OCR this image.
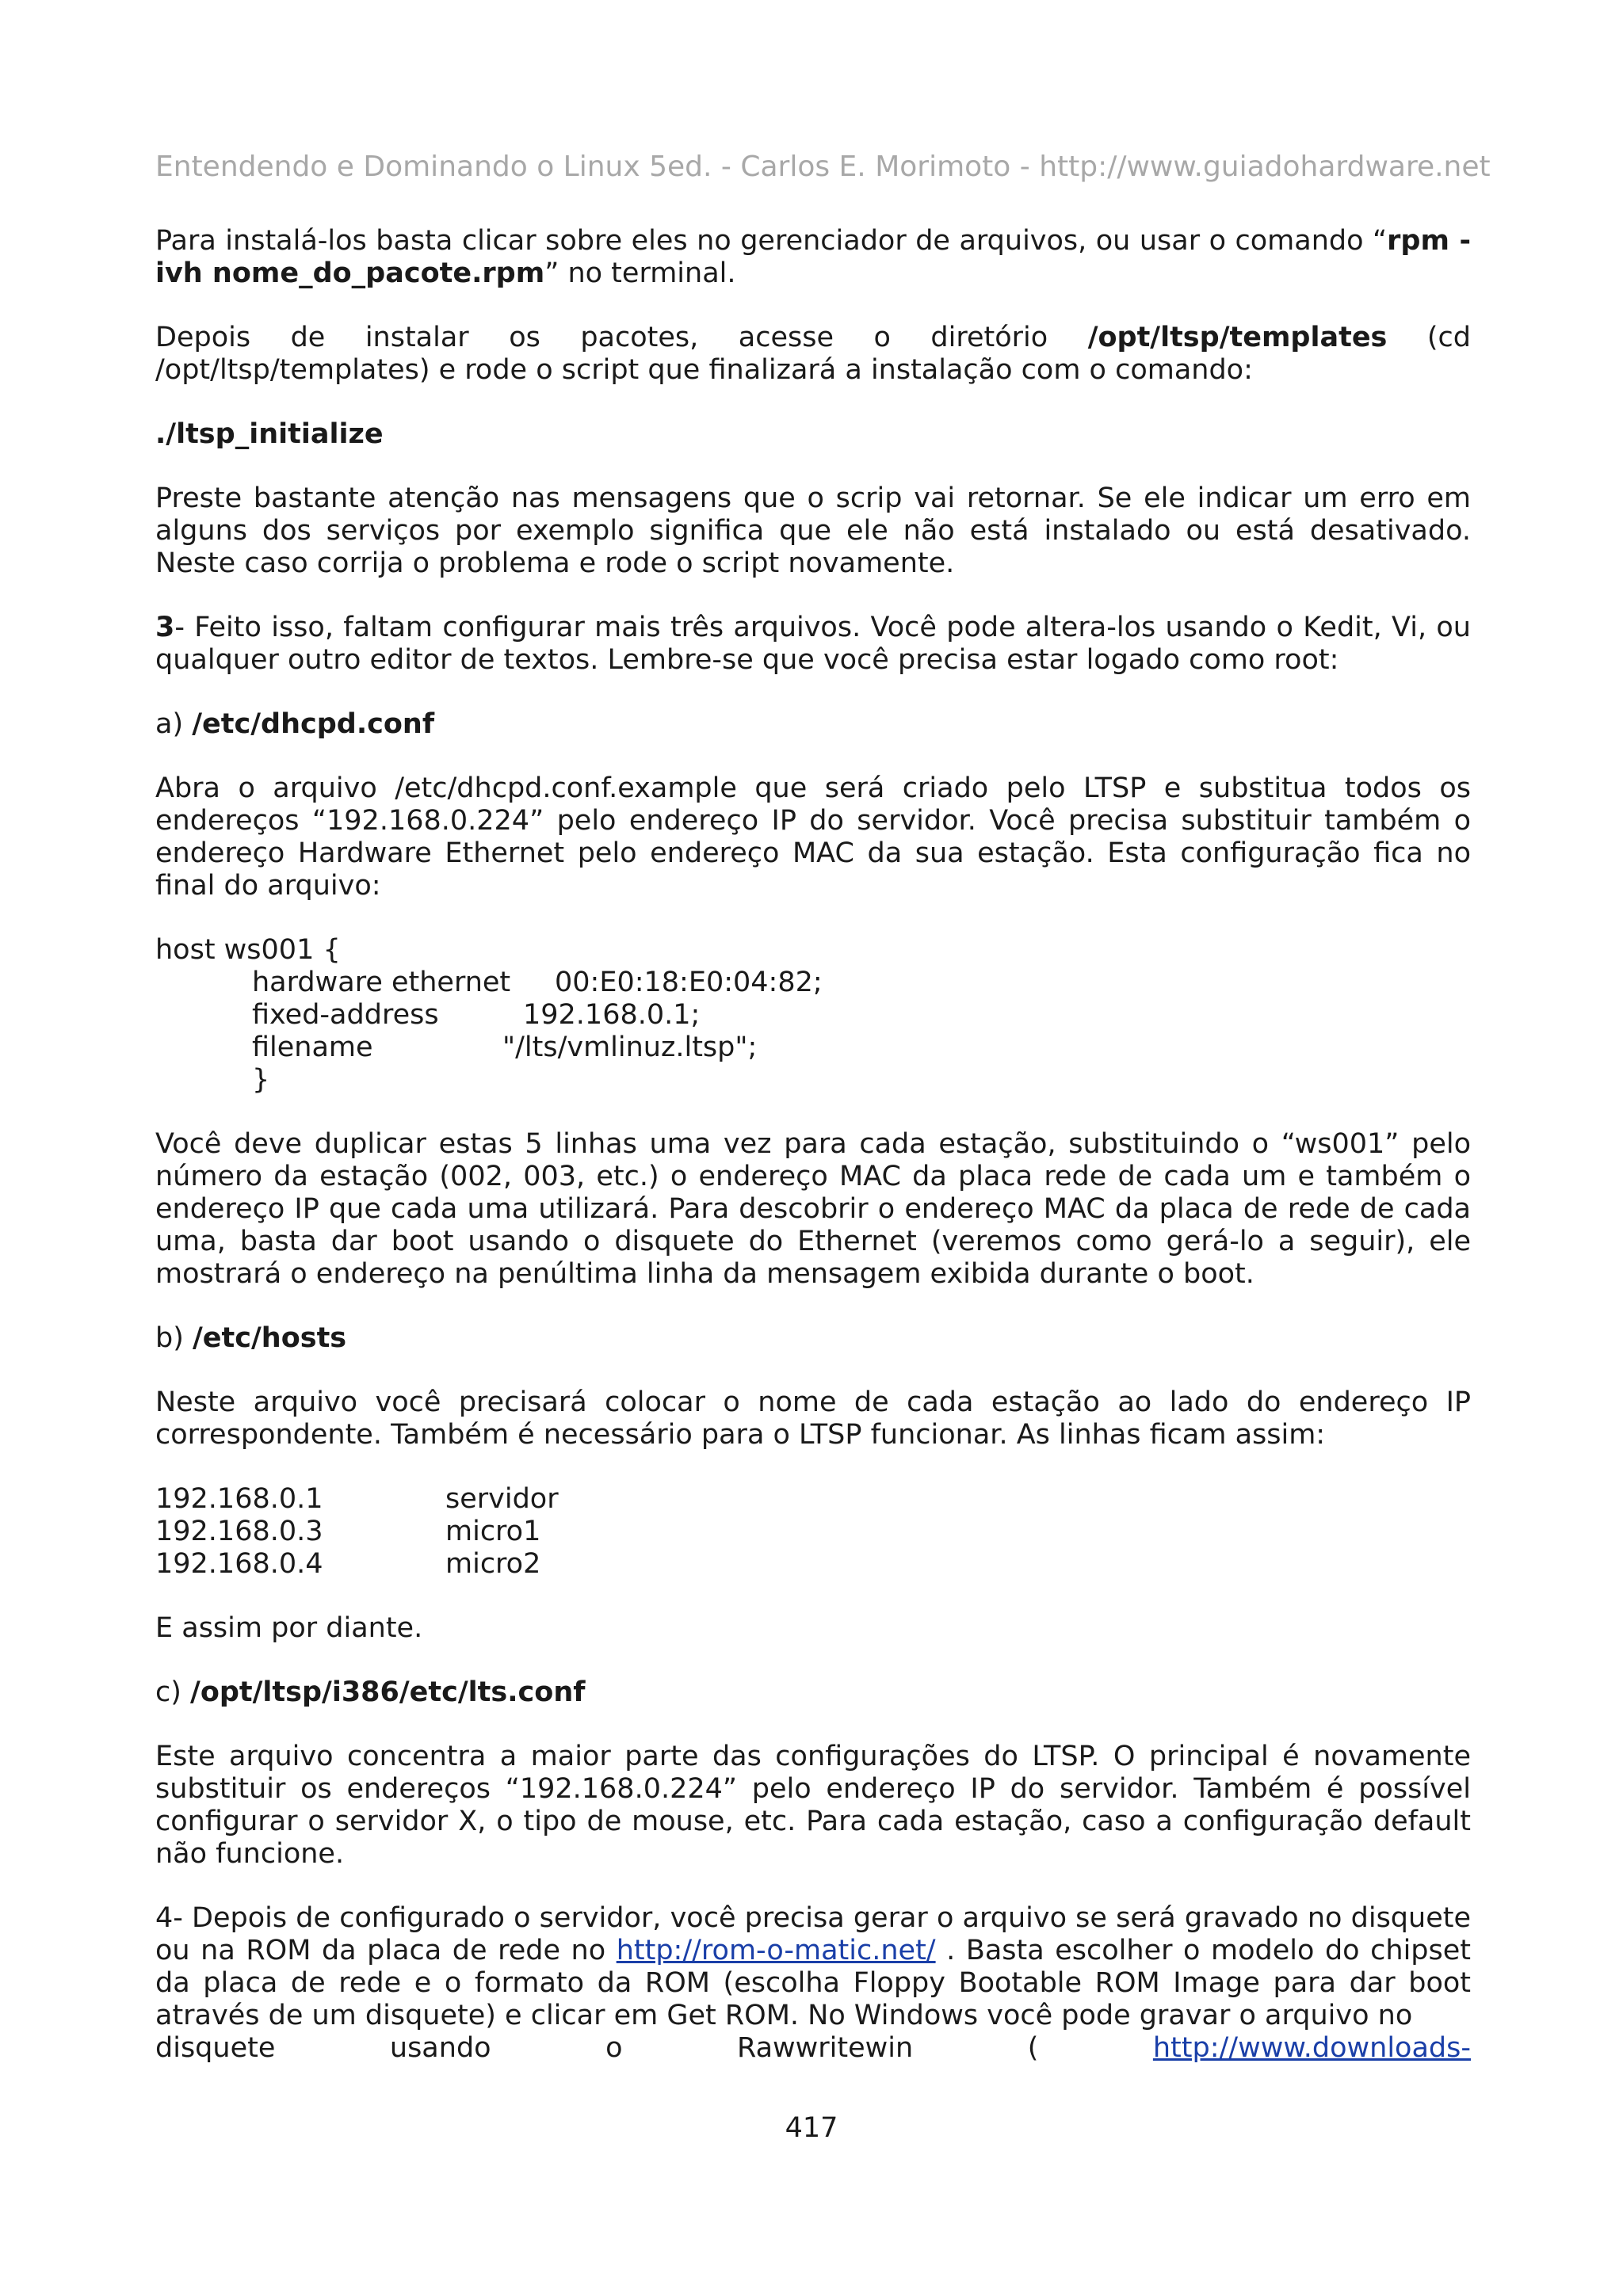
Entendendo e Dominando o Linux 5ed. - Carlos E. Morimoto - http://www.guiadohardware.net

Para instalá-los basta clicar sobre eles no gerenciador de arquivos, ou usar o comando “rpm -ivh nome_do_pacote.rpm” no terminal.

Depois de instalar os pacotes, acesse o diretório /opt/ltsp/templates (cd /opt/ltsp/templates) e rode o script que finalizará a instalação com o comando:

./ltsp_initialize

Preste bastante atenção nas mensagens que o scrip vai retornar. Se ele indicar um erro em alguns dos serviços por exemplo significa que ele não está instalado ou está desativado. Neste caso corrija o problema e rode o script novamente.

3- Feito isso, faltam configurar mais três arquivos. Você pode altera-los usando o Kedit, Vi, ou qualquer outro editor de textos. Lembre-se que você precisa estar logado como root:

a) /etc/dhcpd.conf

Abra o arquivo /etc/dhcpd.conf.example que será criado pelo LTSP e substitua todos os endereços “192.168.0.224” pelo endereço IP do servidor. Você precisa substituir também o endereço Hardware Ethernet pelo endereço MAC da sua estação. Esta configuração fica no final do arquivo:

host ws001 {
hardware ethernet 00:E0:18:E0:04:82;
fixed-address	192.168.0.1;
filename	"/lts/vmlinuz.ltsp";
}

Você deve duplicar estas 5 linhas uma vez para cada estação, substituindo o “ws001” pelo número da estação (002, 003, etc.) o endereço MAC da placa rede de cada um e também o endereço IP que cada uma utilizará. Para descobrir o endereço MAC da placa de rede de cada uma, basta dar boot usando o disquete do Ethernet (veremos como gerá-lo a seguir), ele mostrará o endereço na penúltima linha da mensagem exibida durante o boot.

b) /etc/hosts

Neste arquivo você precisará colocar o nome de cada estação ao lado do endereço IP correspondente. Também é necessário para o LTSP funcionar. As linhas ficam assim:

192.168.0.1	servidor
192.168.0.3	micro1
192.168.0.4	micro2

E assim por diante.

c) /opt/ltsp/i386/etc/lts.conf

Este arquivo concentra a maior parte das configurações do LTSP. O principal é novamente substituir os endereços “192.168.0.224” pelo endereço IP do servidor. Também é possível configurar o servidor X, o tipo de mouse, etc. Para cada estação, caso a configuração default não funcione.

4- Depois de configurado o servidor, você precisa gerar o arquivo se será gravado no disquete ou na ROM da placa de rede no http://rom-o-matic.net/ . Basta escolher o modelo do chipset da placa de rede e o formato da ROM (escolha Floppy Bootable ROM Image para dar boot através de um disquete) e clicar em Get ROM. No Windows você pode gravar o arquivo no

disquete	usando	o	Rawwritewin	(	http://www.downloads-
417
